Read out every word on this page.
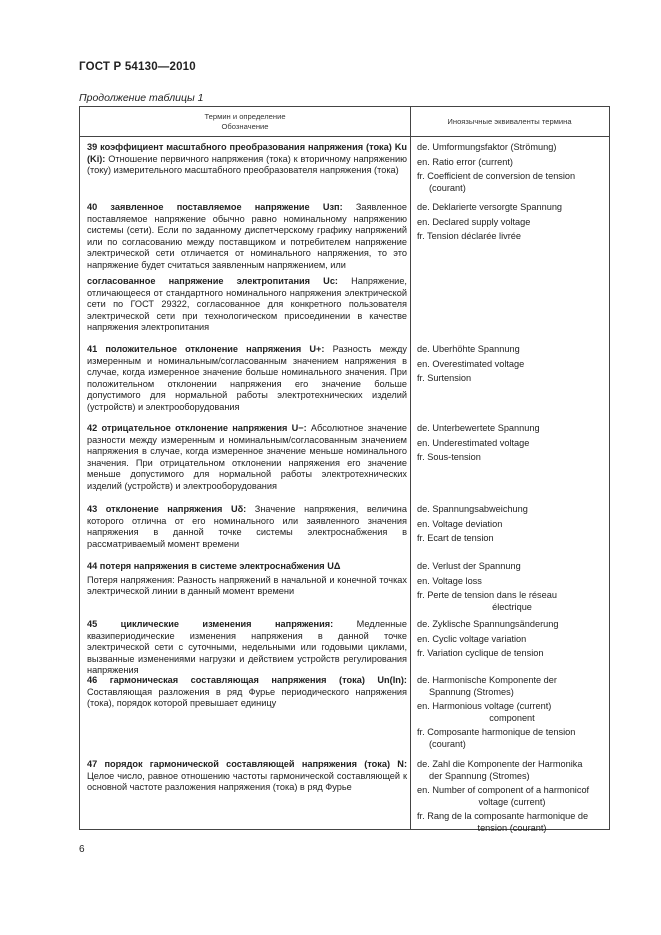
ГОСТ Р 54130—2010
Продолжение таблицы 1
Термин и определение
Обозначение
Иноязычные эквиваленты термина
39 коэффициент масштабного преобразования напряжения (тока) Ku (Ki): Отношение первичного напряжения (тока) к вторичному напряжению (току) измерительного масштабного преобразователя напряжения (тока)
de. Umformungsfaktor (Strömung)
en. Ratio error (current)
fr. Coefficient de conversion de tension
(courant)

40 заявленное поставляемое напряжение Uзп: Заявленное поставляемое напряжение обычно равно номинальному напряжению системы (сети). Если по заданному диспетчерскому графику напряжений или по согласованию между поставщиком и потребителем напряжение электрической сети отличается от номинального напряжения, то это напряжение будет считаться заявленным напряжением, или

согласованное напряжение электропитания Uc: Напряжение, отличающееся от стандартного номинального напряжения электрической сети по ГОСТ 29322, согласованное для конкретного пользователя электрической сети при технологическом присоединении в качестве напряжения электропитания

de. Deklarierte versorgte Spannung
en. Declared supply voltage
fr. Tension déclarée livrée
41 положительное отклонение напряжения U+: Разность между измеренным и номинальным/согласованным значением напряжения в случае, когда измеренное значение больше номинального значения. При положительном отклонении напряжения его значение больше допустимого для нормальной работы электротехнических изделий (устройств) и электрооборудования
de. Uberhöhte Spannung
en. Overestimated voltage
fr. Surtension
42 отрицательное отклонение напряжения U−: Абсолютное значение разности между измеренным и номинальным/согласованным значением напряжения в случае, когда измеренное значение меньше номинального значения. При отрицательном отклонении напряжения его значение меньше допустимого для нормальной работы электротехнических изделий (устройств) и электрооборудования
de. Unterbewertete Spannung
en. Underestimated voltage
fr. Sous-tension
43 отклонение напряжения Uδ: Значение напряжения, величина которого отлична от его номинального или заявленного значения напряжения в данной точке системы электроснабжения в рассматриваемый момент времени
de. Spannungsabweichung
en. Voltage deviation
fr. Ecart de tension

44 потеря напряжения в системе электроснабжения UΔ

Потеря напряжения: Разность напряжений в начальной и конечной точках электрической линии в данный момент времени

de. Verlust der Spannung
en. Voltage loss
fr. Perte de tension dans le réseau
électrique
45 циклические изменения напряжения:	Медленные квазипериодические изменения напряжения в данной точке электрической сети с суточными, недельными или годовыми циклами, вызванные изменениями нагрузки и действием устройств регулирования напряжения
de. Zyklische Spannungsänderung
en. Cyclic voltage variation
fr. Variation cyclique de tension
46 гармоническая составляющая напряжения (тока) Un(In): Составляющая разложения в ряд Фурье периодического напряжения (тока), порядок которой превышает единицу
de. Harmonische Komponente der
Spannung (Stromes)
en. Harmonious voltage (current)
component
fr. Composante harmonique de tension
(courant)
47 порядок гармонической составляющей напряжения (тока) N: Целое число, равное отношению частоты гармонической составляющей к основной частоте разложения напряжения (тока) в ряд Фурье
de. Zahl die Komponente der Harmonika
der Spannung (Stromes)
en. Number of component of a harmonicof
voltage (current)
fr. Rang de la composante harmonique de
tension (courant)
6
